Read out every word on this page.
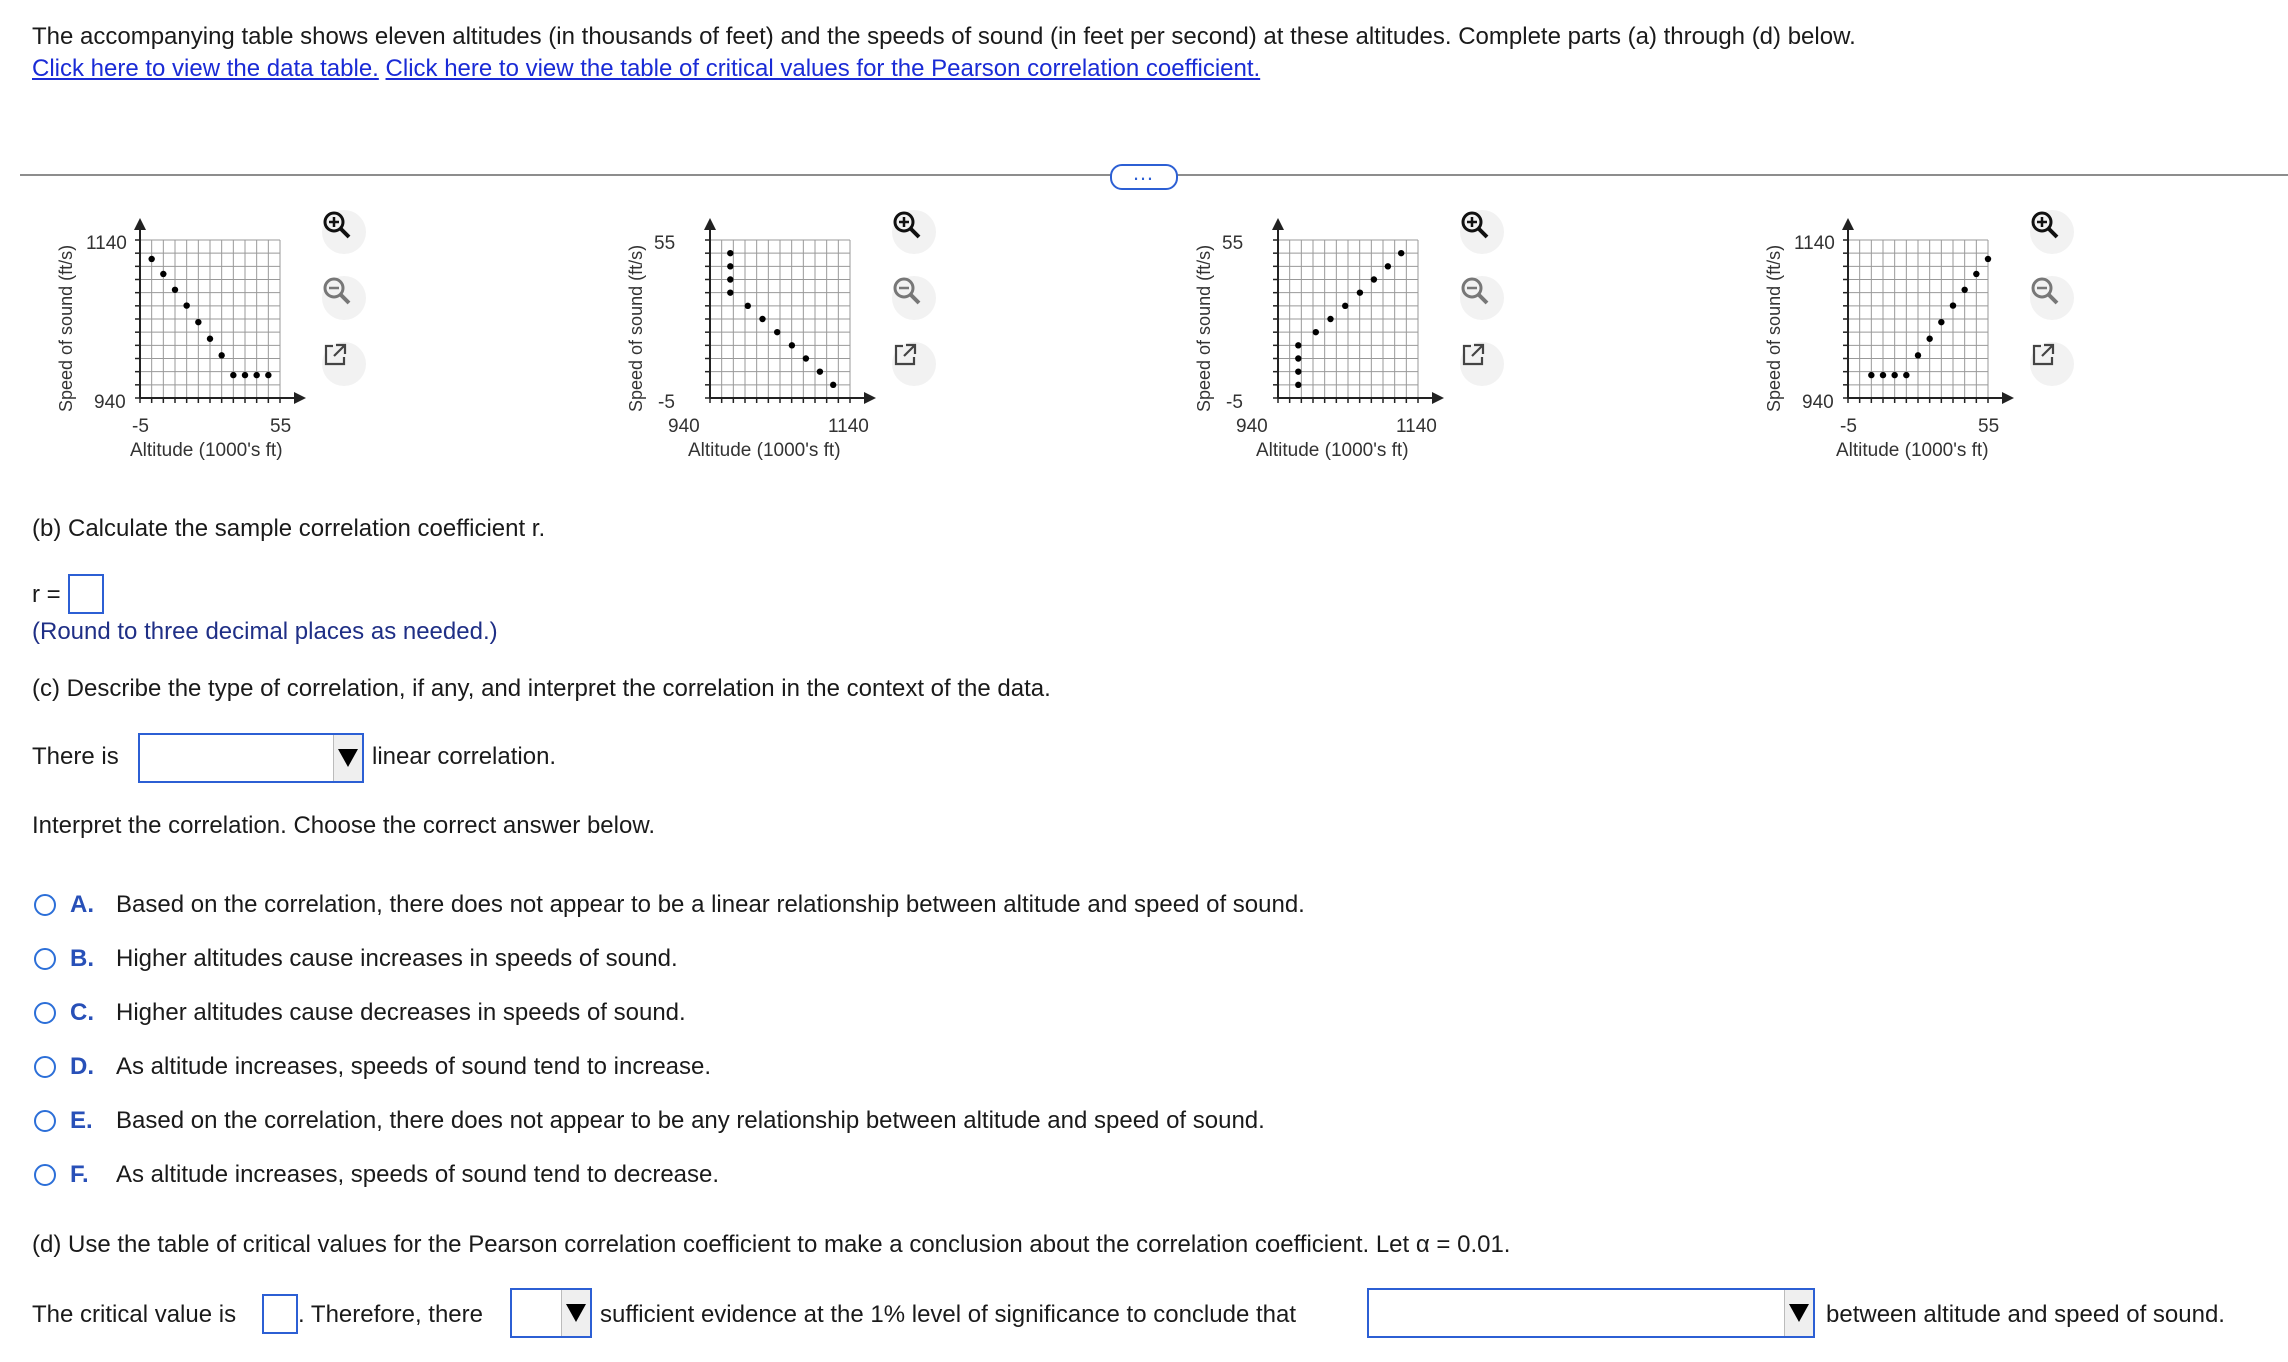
The accompanying table shows eleven altitudes (in thousands of feet) and the speeds of sound (in feet per second) at these altitudes. Complete parts (a) through (d) below.
Click here to view the data table. Click here to view the table of critical values for the Pearson correlation coefficient.
…
Speed of sound (ft/s)
1140
940
-5	55
Altitude (1000's ft)
Speed of sound (ft/s)
55
-5
940	1140
Altitude (1000's ft)
Speed of sound (ft/s)
55
-5
940	1140
Altitude (1000's ft)
Speed of sound (ft/s)
1140
940
-5	55
Altitude (1000's ft)
(b) Calculate the sample correlation coefficient r.
r =
(Round to three decimal places as needed.)
(c) Describe the type of correlation, if any, and interpret the correlation in the context of the data.
There is	linear correlation.
Interpret the correlation. Choose the correct answer below.
A. Based on the correlation, there does not appear to be a linear relationship between altitude and speed of sound.
B. Higher altitudes cause increases in speeds of sound.
C. Higher altitudes cause decreases in speeds of sound.
D. As altitude increases, speeds of sound tend to increase.
E. Based on the correlation, there does not appear to be any relationship between altitude and speed of sound.
F.	As altitude increases, speeds of sound tend to decrease.
(d) Use the table of critical values for the Pearson correlation coefficient to make a conclusion about the correlation coefficient. Let α = 0.01.
The critical value is	. Therefore, there	sufficient evidence at the 1% level of significance to conclude that	between altitude and speed of sound.
